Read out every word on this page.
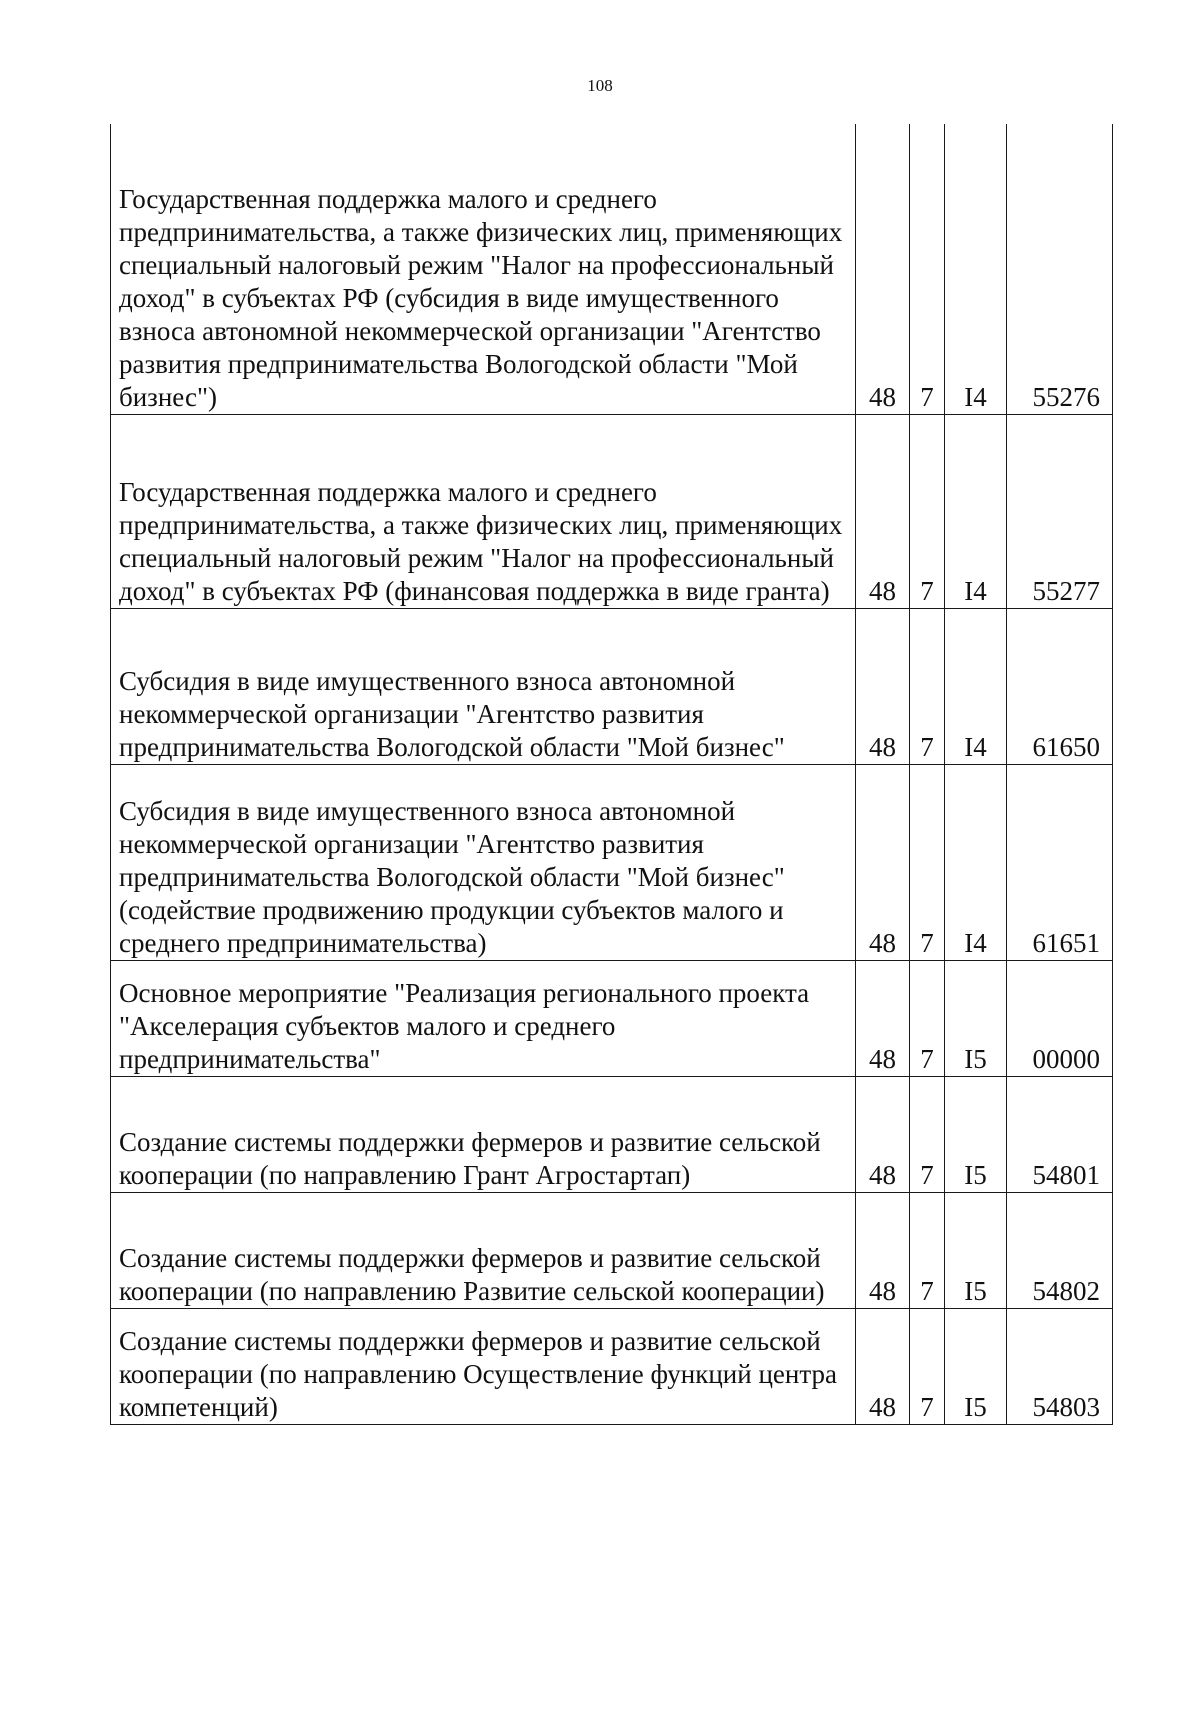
108
Государственная поддержка малого и среднего предпринимательства, а также физических лиц, применяющих специальный налоговый режим "Налог на профессиональный доход" в субъектах РФ (субсидия в виде имущественного взноса автономной некоммерческой организации "Агентство развития предпринимательства Вологодской области "Мой бизнес")	48	7	I4	55276
Государственная поддержка малого и среднего предпринимательства, а также физических лиц, применяющих специальный налоговый режим "Налог на профессиональный доход" в субъектах РФ (финансовая поддержка в виде гранта)	48	7	I4	55277
Субсидия в виде имущественного взноса автономной некоммерческой организации "Агентство развития предпринимательства Вологодской области "Мой бизнес"	48	7	I4	61650
Субсидия в виде имущественного взноса автономной некоммерческой организации "Агентство развития предпринимательства Вологодской области "Мой бизнес" (содействие продвижению продукции субъектов малого и среднего предпринимательства)	48	7	I4	61651
Основное мероприятие "Реализация регионального проекта "Акселерация субъектов малого и среднего предпринимательства"	48	7	I5	00000
Создание системы поддержки фермеров и развитие сельской кооперации (по направлению Грант Агростартап)	48	7	I5	54801
Создание системы поддержки фермеров и развитие сельской кооперации (по направлению Развитие сельской кооперации)	48	7	I5	54802
Создание системы поддержки фермеров и развитие сельской кооперации (по направлению Осуществление функций центра компетенций)	48	7	I5	54803
